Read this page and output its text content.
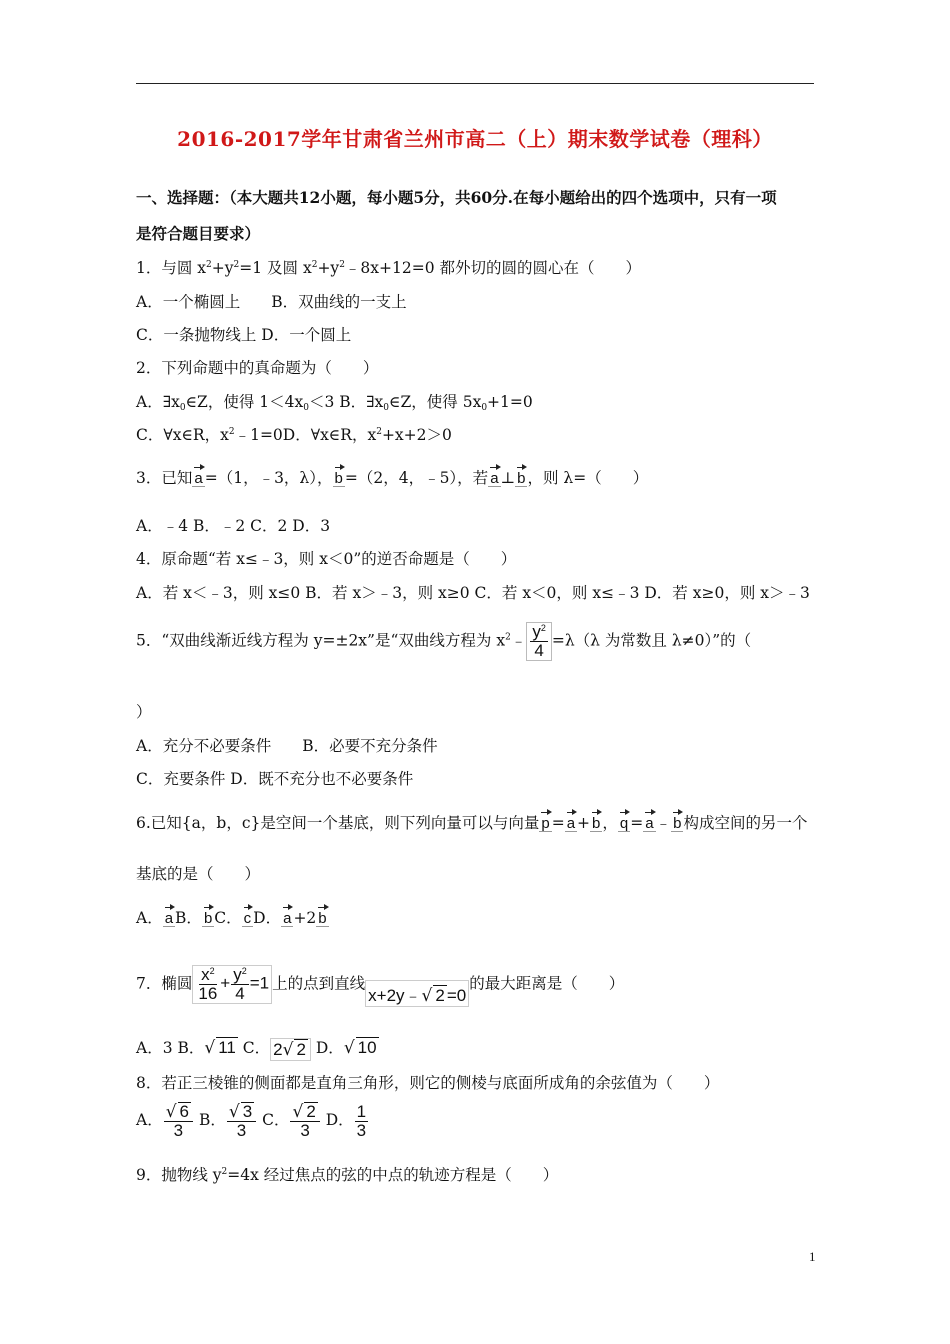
2016-2017学年甘肃省兰州市高二（上）期末数学试卷（理科）
一、选择题：（本大题共12小题，每小题5分，共60分.在每小题给出的四个选项中，只有一项
是符合题目要求）
1．与圆 $x^2+y^2=1$ 及圆 $x^2+y^2﹣8x+12=0$ 都外切的圆的圆心在（　　）
A．一个椭圆上　　B．双曲线的一支上
C．一条抛物线上 D．一个圆上
2．下列命题中的真命题为（　　）
A．$\exists x_0\in Z$，使得 $1<4x_0<3$ B．$\exists x_0\in Z$，使得 $5x_0+1=0$
C．∀x∈R，$x^2﹣1=0D$．∀x∈R，$x^2+x+2>0$
3．已知 a =（1，﹣3，λ）， b =（2，4，﹣5），若 a ⊥ b ，则 λ=（　　）
A．﹣4 B．﹣2 C．2 D．3
4．原命题“若 x≤﹣3，则 x＜0”的逆否命题是（　　）
A．若 x＜﹣3，则 x≤0 B．若 x＞﹣3，则 x≥0 C．若 x＜0，则 x≤﹣3 D．若 x≥0，则 x＞﹣3
5．“双曲线渐近线方程为 y=±2x”是“双曲线方程为 $x^2﹣ \frac{y^2}{4} =\lambda(\lambda$ 为常数且 λ≠0）”的（
）
A．充分不必要条件　　B．必要不充分条件
C．充要条件 D．既不充分也不必要条件
6.已知{a，b，c}是空间一个基底，则下列向量可以与向量 p = a + b ， q = a ﹣ b 构成空间的另一个
基底的是（　　）
A． a B． b C． c D． a +2 b
7．椭圆 $\frac{x^2}{16} + \frac{y^2}{4} =1$ 上的点到直线x+2y﹣√ 2 =0的最大距离是（　　）
A．3 B．√ 11 C． 2√ 2 D．√ 10
8．若正三棱锥的侧面都是直角三角形，则它的侧棱与底面所成角的余弦值为（　　）
A． $\frac{√ 6}{3}$ B． $\frac{√ 3}{3}$ C． $\frac{√ 2}{3}$ D． $\frac{1}{3}$
9．抛物线 $y^2=4x$ 经过焦点的弦的中点的轨迹方程是（　　）
1
